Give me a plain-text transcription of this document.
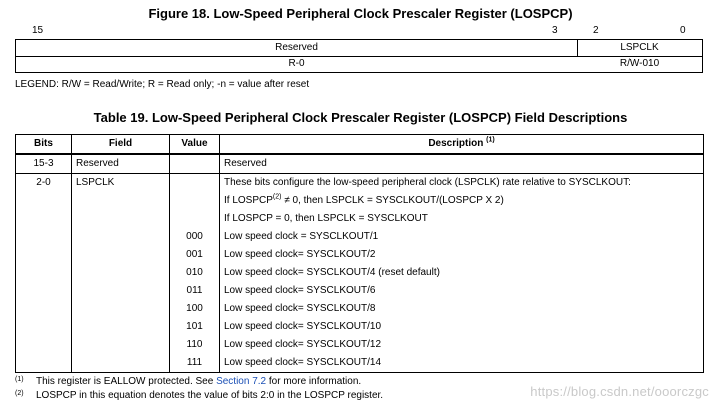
Figure 18. Low-Speed Peripheral Clock Prescaler Register (LOSPCP)
15	3	2	0
Reserved	LSPCLK
R-0	R/W-010
LEGEND: R/W = Read/Write; R = Read only; -n = value after reset
Table 19. Low-Speed Peripheral Clock Prescaler Register (LOSPCP) Field Descriptions
Bits	Field	Value	Description $^{(1)}$
15-3	Reserved		Reserved
2-0	LSPCLK		These bits configure the low-speed peripheral clock (LSPCLK) rate relative to SYSCLKOUT:
			If $LOSPCP^{(2)} \ne 0$, then LSPCLK = SYSCLKOUT/(LOSPCP X 2)
			If LOSPCP = 0, then LSPCLK = SYSCLKOUT
		000	Low speed clock = SYSCLKOUT/1
		001	Low speed clock= SYSCLKOUT/2
		010	Low speed clock= SYSCLKOUT/4 (reset default)
		011	Low speed clock= SYSCLKOUT/6
		100	Low speed clock= SYSCLKOUT/8
		101	Low speed clock= SYSCLKOUT/10
		110	Low speed clock= SYSCLKOUT/12
		111	Low speed clock= SYSCLKOUT/14
(1) This register is EALLOW protected. See Section 7.2 for more information.
(2) LOSPCP in this equation denotes the value of bits 2:0 in the LOSPCP register.	https://blog.csdn.net/ooorczgc
